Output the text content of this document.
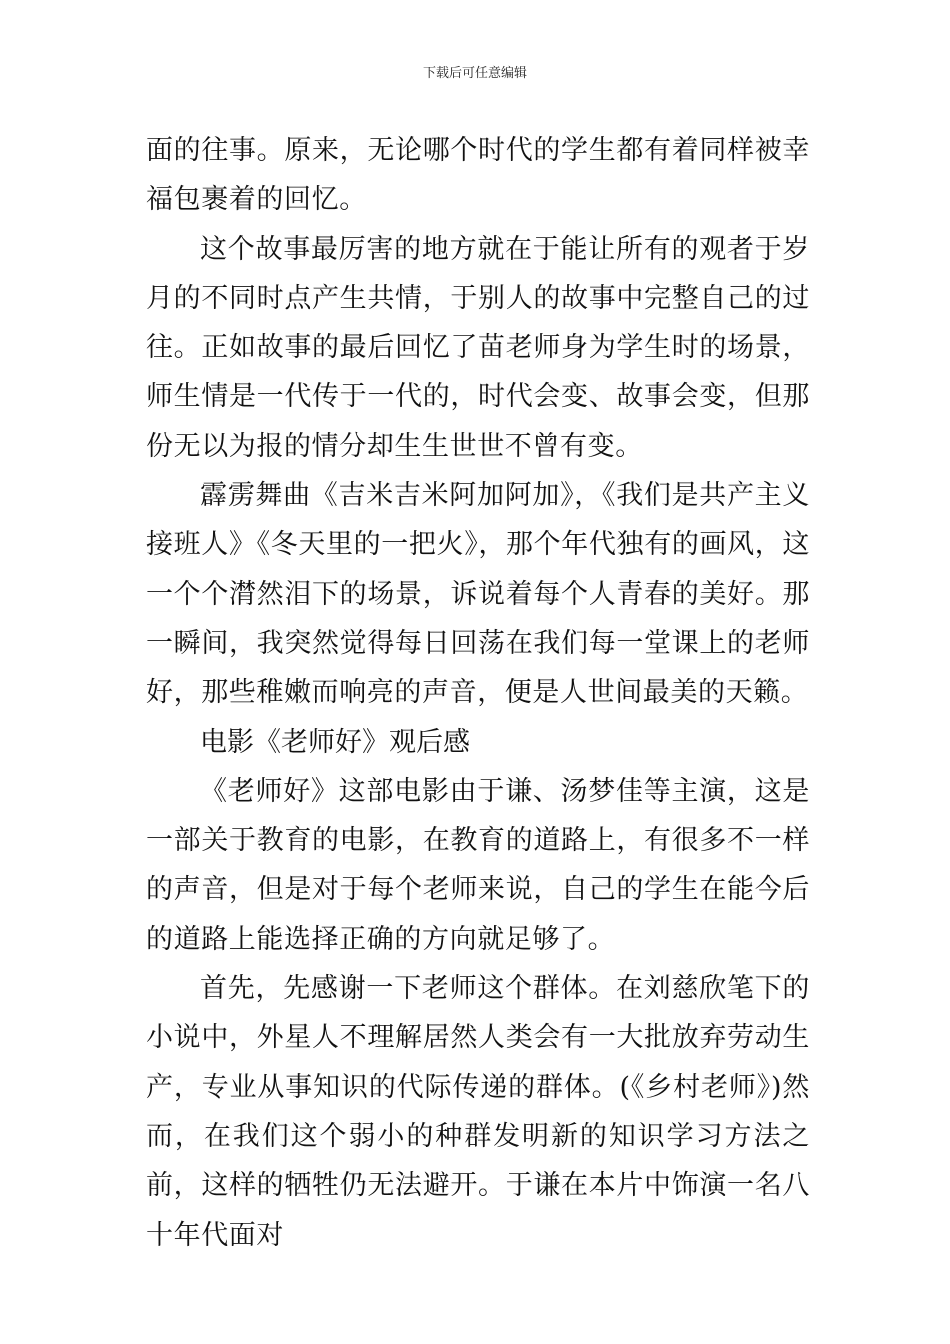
下载后可任意编辑

面的往事。原来，无论哪个时代的学生都有着同样被幸福包裹着的回忆。

这个故事最厉害的地方就在于能让所有的观者于岁月的不同时点产生共情，于别人的故事中完整自己的过往。正如故事的最后回忆了苗老师身为学生时的场景，师生情是一代传于一代的，时代会变、故事会变，但那份无以为报的情分却生生世世不曾有变。

霹雳舞曲《吉米吉米阿加阿加》，《我们是共产主义接班人》《冬天里的一把火》，那个年代独有的画风，这一个个潸然泪下的场景，诉说着每个人青春的美好。那一瞬间，我突然觉得每日回荡在我们每一堂课上的老师好，那些稚嫩而响亮的声音，便是人世间最美的天籁。

电影《老师好》观后感

《老师好》这部电影由于谦、汤梦佳等主演，这是一部关于教育的电影，在教育的道路上，有很多不一样的声音，但是对于每个老师来说，自己的学生在能今后的道路上能选择正确的方向就足够了。

首先，先感谢一下老师这个群体。在刘慈欣笔下的小说中，外星人不理解居然人类会有一大批放弃劳动生产，专业从事知识的代际传递的群体。(《乡村老师》)然而，在我们这个弱小的种群发明新的知识学习方法之前，这样的牺牲仍无法避开。于谦在本片中饰演一名八十年代面对
